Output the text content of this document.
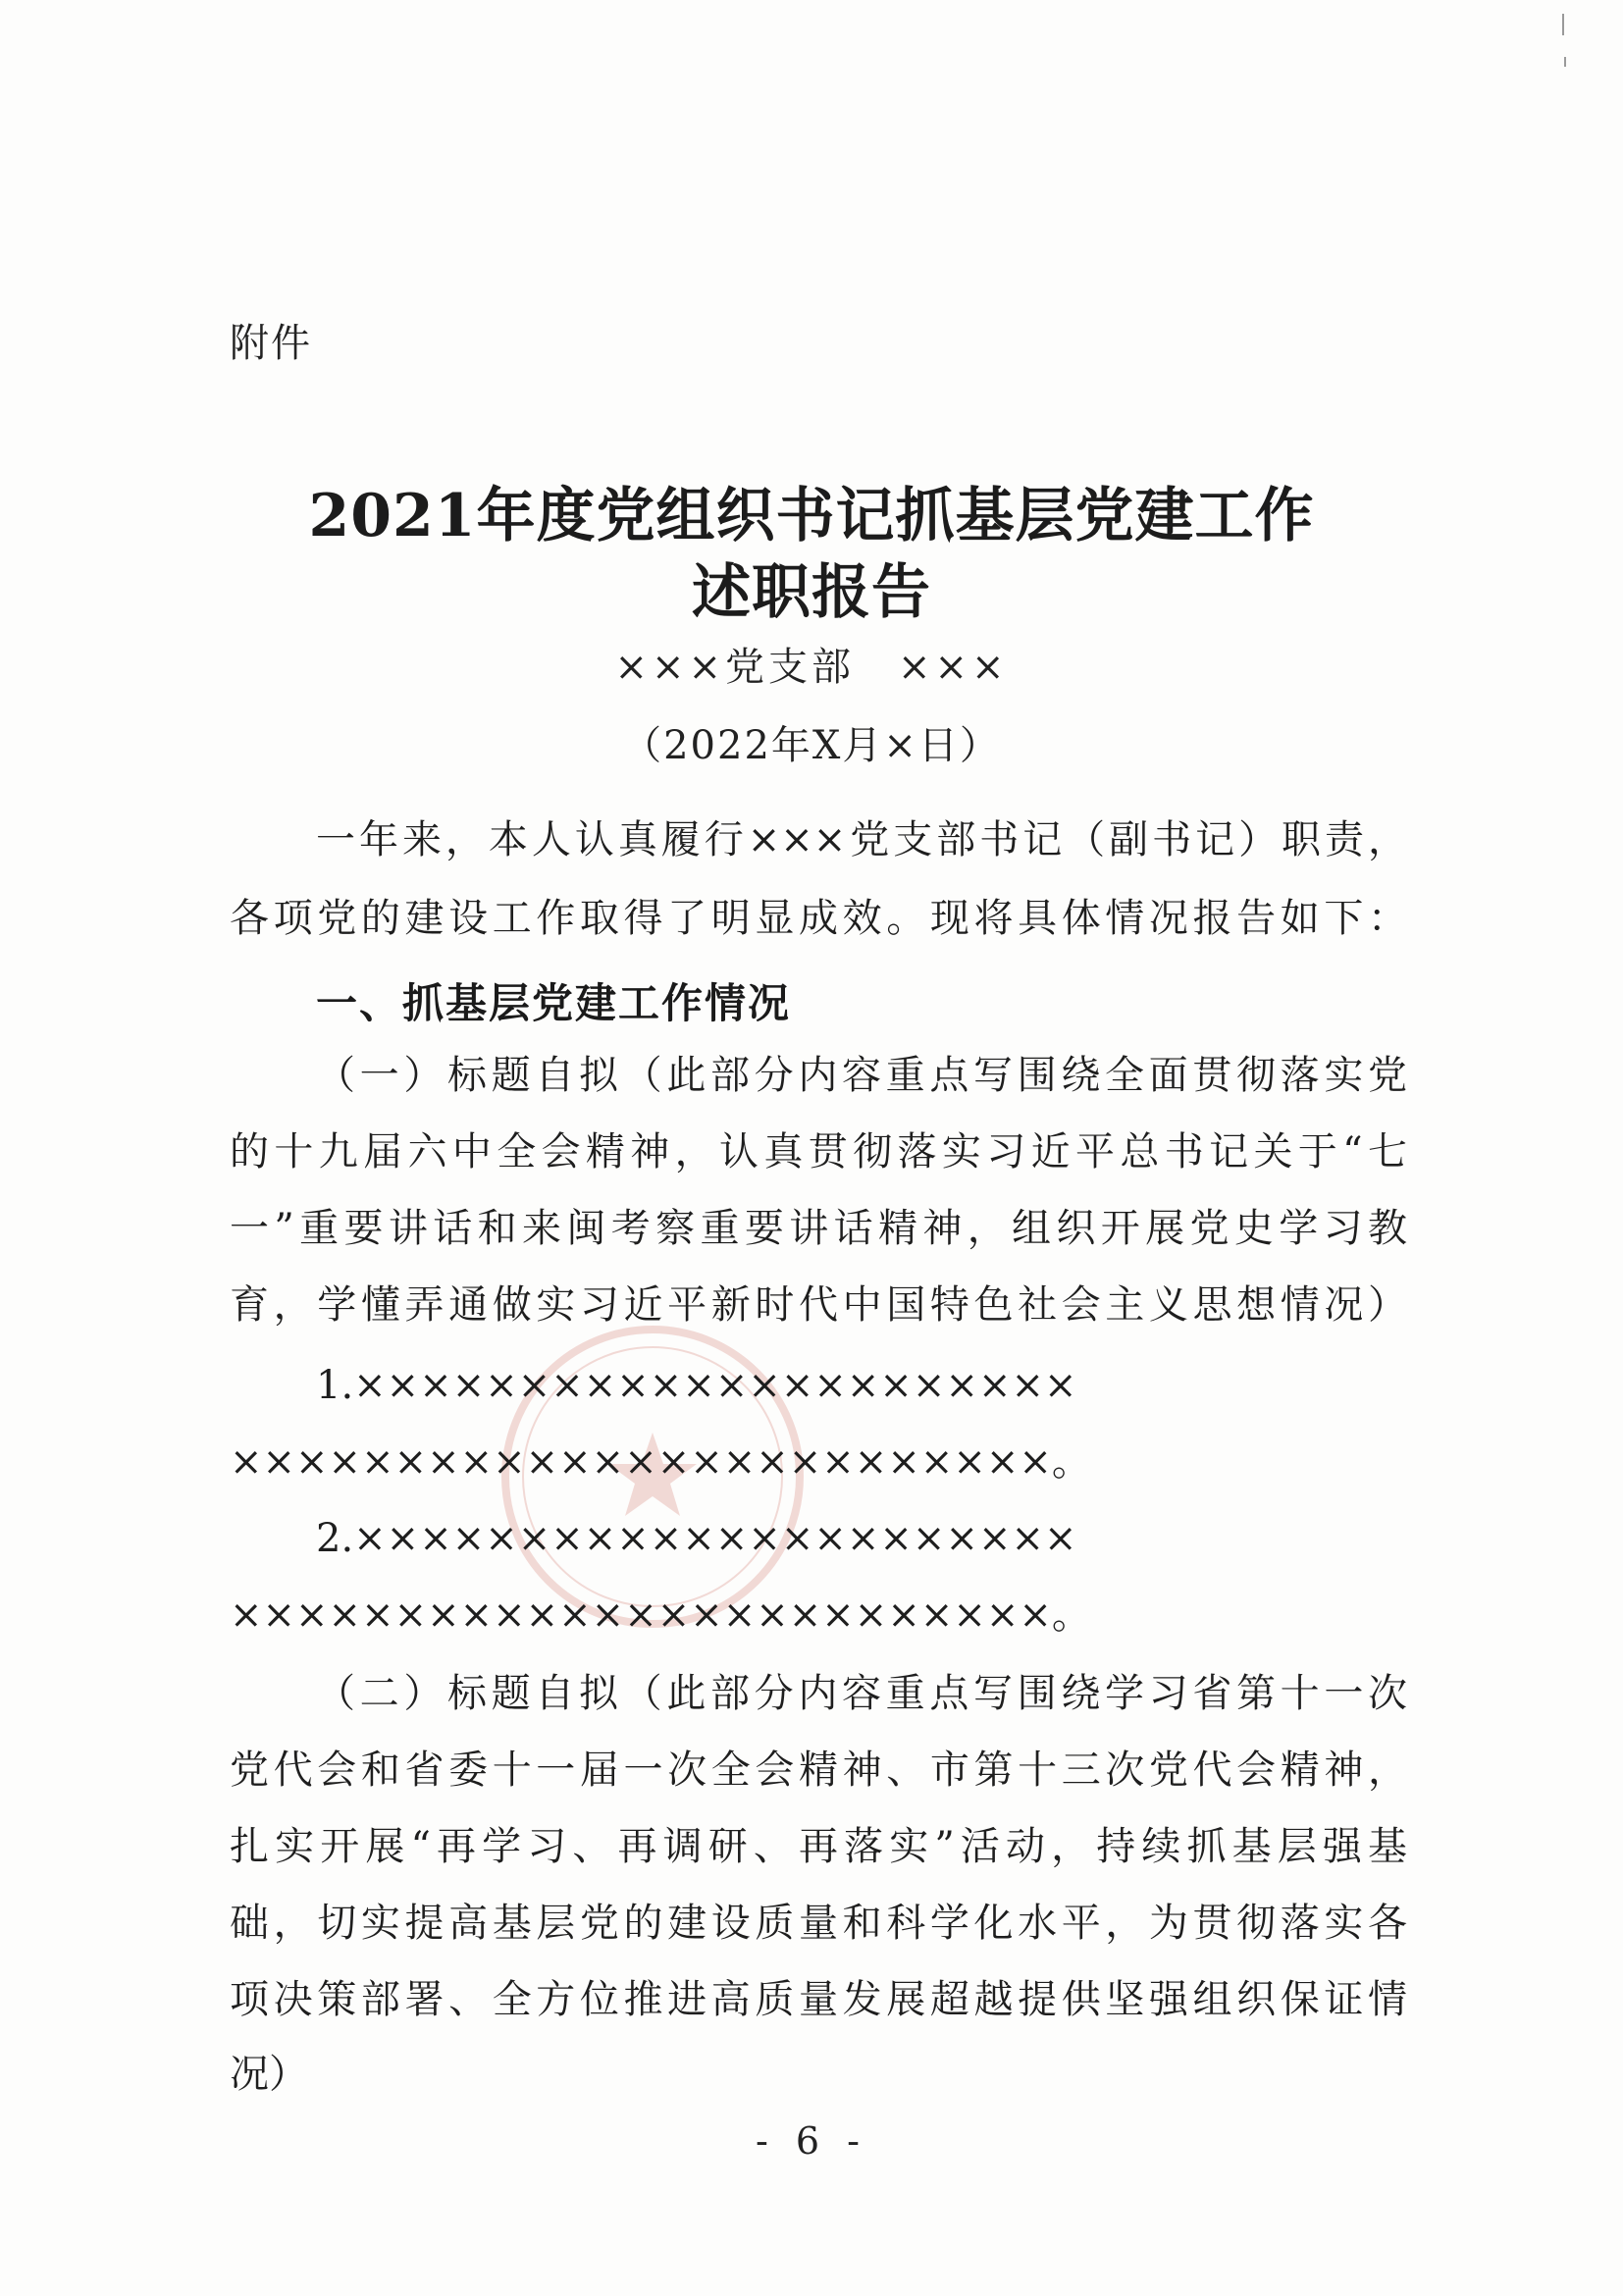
附件
2021年度党组织书记抓基层党建工作
述职报告
×××党支部 ×××
（2022年X月×日）
一年来，本人认真履行×××党支部书记（副书记）职责，
各项党的建设工作取得了明显成效。现将具体情况报告如下：
一、抓基层党建工作情况
（一）标题自拟（此部分内容重点写围绕全面贯彻落实党
的十九届六中全会精神，认真贯彻落实习近平总书记关于“七
一”重要讲话和来闽考察重要讲话精神，组织开展党史学习教
育，学懂弄通做实习近平新时代中国特色社会主义思想情况）
1.××××××××××××××××××××××
×××××××××××××××××××××××××。
2.××××××××××××××××××××××
×××××××××××××××××××××××××。
（二）标题自拟（此部分内容重点写围绕学习省第十一次
党代会和省委十一届一次全会精神、市第十三次党代会精神，
扎实开展“再学习、再调研、再落实”活动，持续抓基层强基
础，切实提高基层党的建设质量和科学化水平，为贯彻落实各
项决策部署、全方位推进高质量发展超越提供坚强组织保证情
况）
- 6 -
